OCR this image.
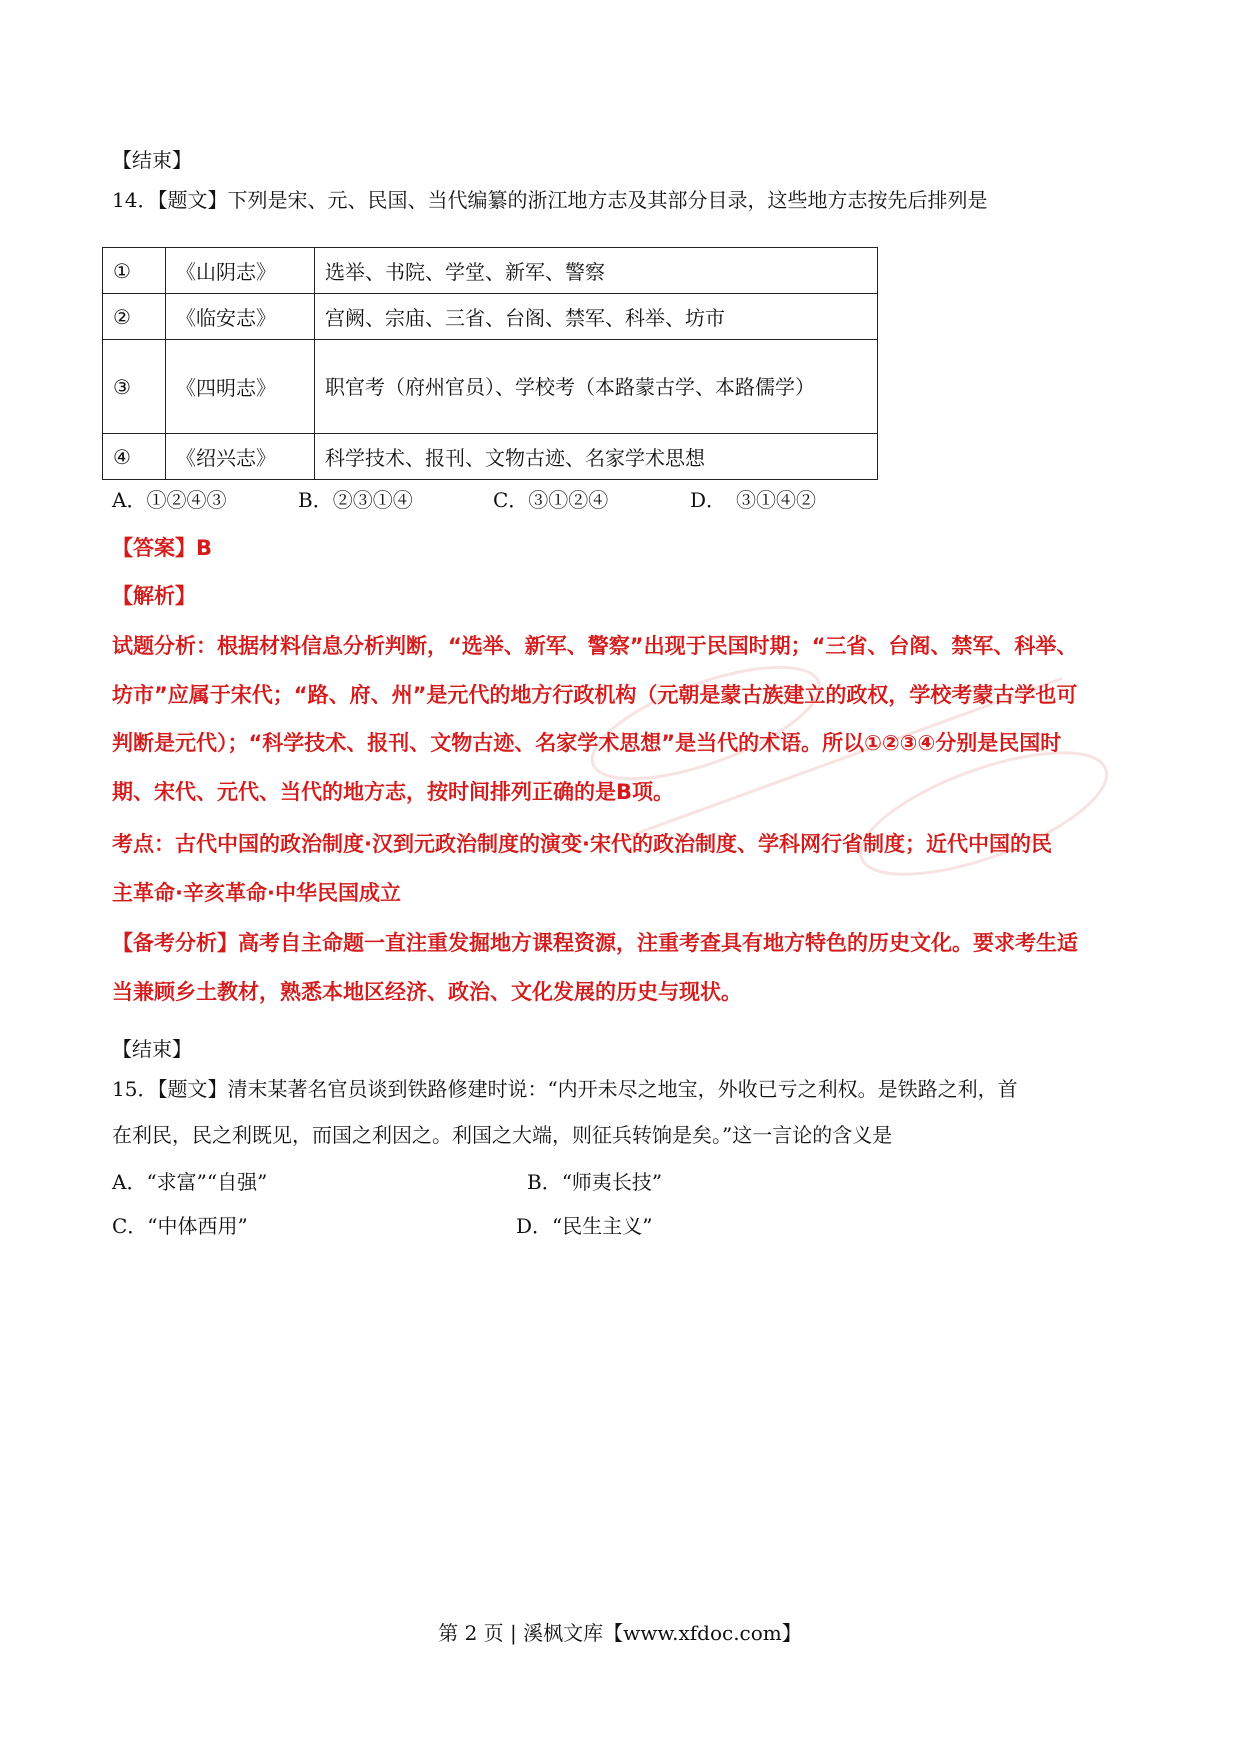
【结束】
14．【题文】下列是宋、元、民国、当代编纂的浙江地方志及其部分目录，这些地方志按先后排列是
①	《山阴志》	选举、书院、学堂、新军、警察
②	《临安志》	宫阙、宗庙、三省、台阁、禁军、科举、坊市
③	《四明志》	职官考（府州官员）、学校考（本路蒙古学、本路儒学）
④	《绍兴志》	科学技术、报刊、文物古迹、名家学术思想
A．①②④③	B．②③①④	C．③①②④	D．　③①④②
【答案】B
【解析】
试题分析：根据材料信息分析判断，“选举、新军、警察”出现于民国时期；“三省、台阁、禁军、科举、
坊市”应属于宋代；“路、府、州”是元代的地方行政机构（元朝是蒙古族建立的政权，学校考蒙古学也可
判断是元代）；“科学技术、报刊、文物古迹、名家学术思想”是当代的术语。所以①②③④分别是民国时
期、宋代、元代、当代的地方志，按时间排列正确的是B项。
考点：古代中国的政治制度·汉到元政治制度的演变·宋代的政治制度、学科网行省制度；近代中国的民
主革命·辛亥革命·中华民国成立
【备考分析】高考自主命题一直注重发掘地方课程资源，注重考查具有地方特色的历史文化。要求考生适
当兼顾乡土教材，熟悉本地区经济、政治、文化发展的历史与现状。
【结束】
15．【题文】清末某著名官员谈到铁路修建时说：“内开未尽之地宝，外收已亏之利权。是铁路之利，首
在利民，民之利既见，而国之利因之。利国之大端，则征兵转饷是矣。”这一言论的含义是
A．“求富”“自强”	B．“师夷长技”
C．“中体西用”	D．“民生主义”
第 2 页 | 溪枫文库【www.xfdoc.com】
